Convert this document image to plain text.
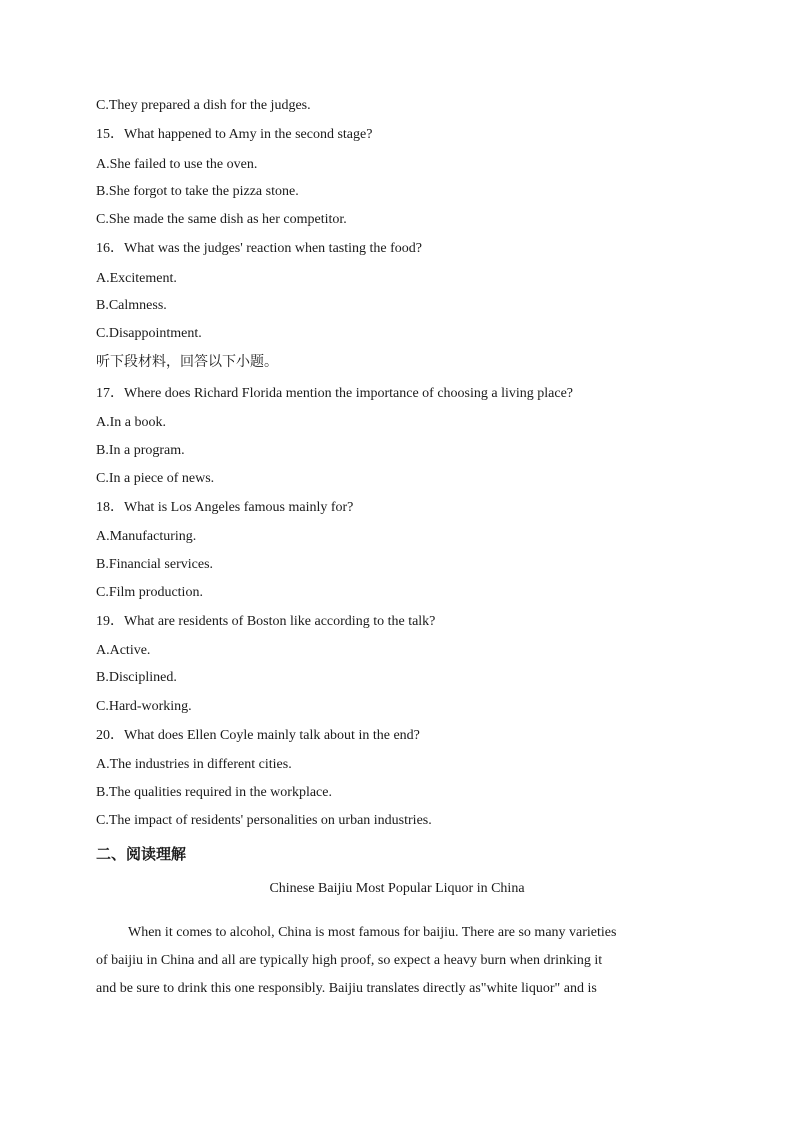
C.They prepared a dish for the judges.
15．What happened to Amy in the second stage?
A.She failed to use the oven.
B.She forgot to take the pizza stone.
C.She made the same dish as her competitor.
16．What was the judges' reaction when tasting the food?
A.Excitement.
B.Calmness.
C.Disappointment.
听下段材料，回答以下小题。
17．Where does Richard Florida mention the importance of choosing a living place?
A.In a book.
B.In a program.
C.In a piece of news.
18．What is Los Angeles famous mainly for?
A.Manufacturing.
B.Financial services.
C.Film production.
19．What are residents of Boston like according to the talk?
A.Active.
B.Disciplined.
C.Hard-working.
20．What does Ellen Coyle mainly talk about in the end?
A.The industries in different cities.
B.The qualities required in the workplace.
C.The impact of residents' personalities on urban industries.
二、阅读理解
Chinese Baijiu Most Popular Liquor in China
When it comes to alcohol, China is most famous for baijiu. There are so many varieties
of baijiu in China and all are typically high proof, so expect a heavy burn when drinking it
and be sure to drink this one responsibly. Baijiu translates directly as"white liquor" and is
